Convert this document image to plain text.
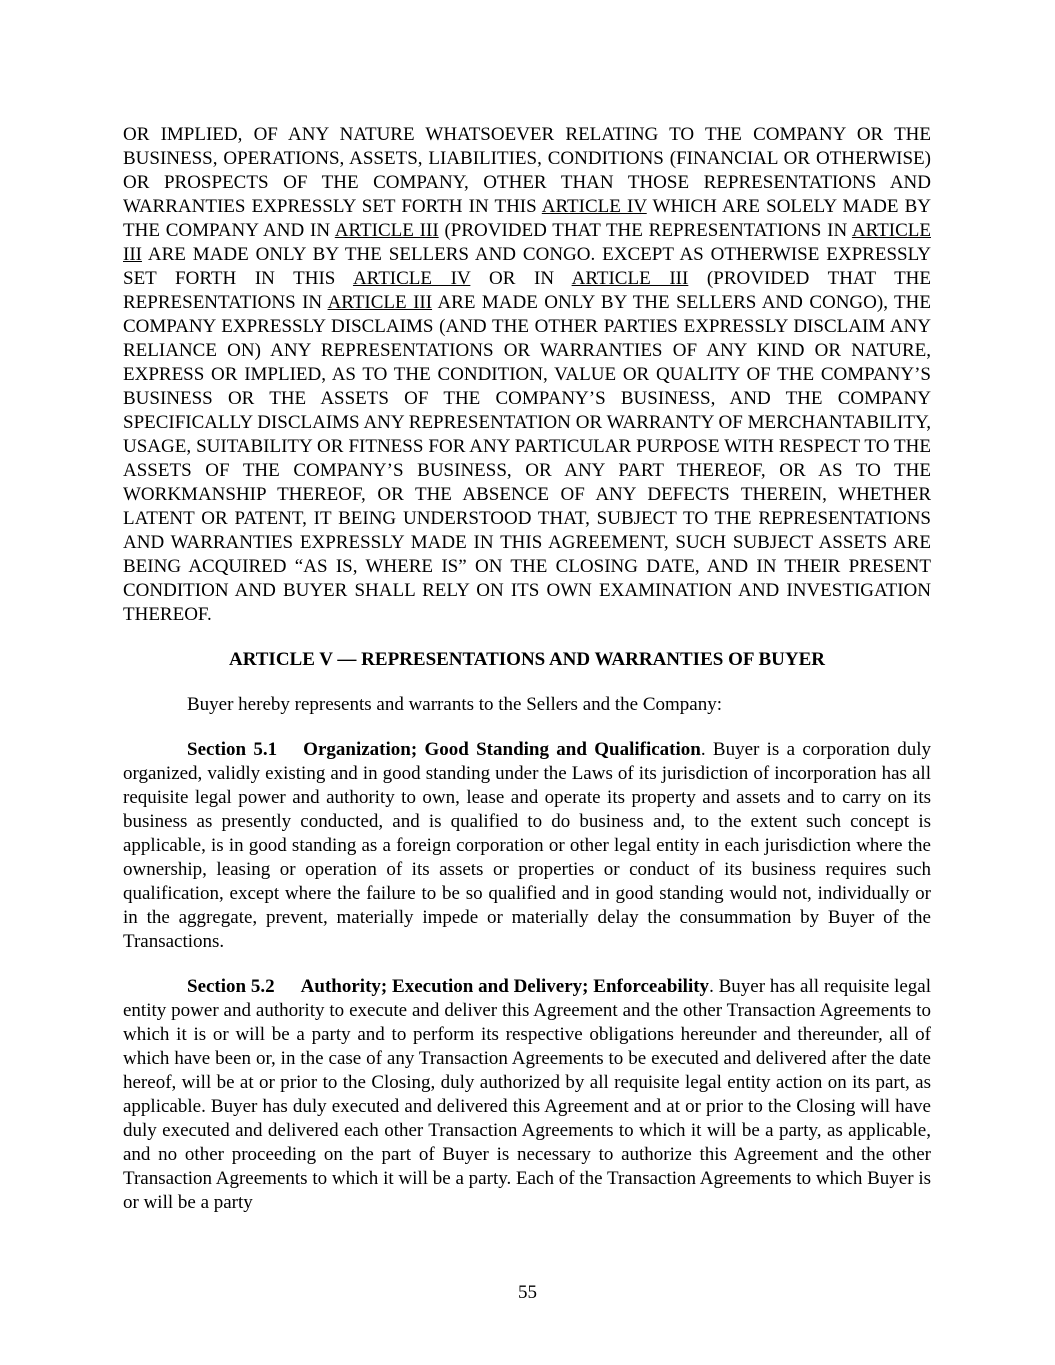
OR IMPLIED, OF ANY NATURE WHATSOEVER RELATING TO THE COMPANY OR THE BUSINESS, OPERATIONS, ASSETS, LIABILITIES, CONDITIONS (FINANCIAL OR OTHERWISE) OR PROSPECTS OF THE COMPANY, OTHER THAN THOSE REPRESENTATIONS AND WARRANTIES EXPRESSLY SET FORTH IN THIS ARTICLE IV WHICH ARE SOLELY MADE BY THE COMPANY AND IN ARTICLE III (PROVIDED THAT THE REPRESENTATIONS IN ARTICLE III ARE MADE ONLY BY THE SELLERS AND CONGO. EXCEPT AS OTHERWISE EXPRESSLY SET FORTH IN THIS ARTICLE IV OR IN ARTICLE III (PROVIDED THAT THE REPRESENTATIONS IN ARTICLE III ARE MADE ONLY BY THE SELLERS AND CONGO), THE COMPANY EXPRESSLY DISCLAIMS (AND THE OTHER PARTIES EXPRESSLY DISCLAIM ANY RELIANCE ON) ANY REPRESENTATIONS OR WARRANTIES OF ANY KIND OR NATURE, EXPRESS OR IMPLIED, AS TO THE CONDITION, VALUE OR QUALITY OF THE COMPANY’S BUSINESS OR THE ASSETS OF THE COMPANY’S BUSINESS, AND THE COMPANY SPECIFICALLY DISCLAIMS ANY REPRESENTATION OR WARRANTY OF MERCHANTABILITY, USAGE, SUITABILITY OR FITNESS FOR ANY PARTICULAR PURPOSE WITH RESPECT TO THE ASSETS OF THE COMPANY’S BUSINESS, OR ANY PART THEREOF, OR AS TO THE WORKMANSHIP THEREOF, OR THE ABSENCE OF ANY DEFECTS THEREIN, WHETHER LATENT OR PATENT, IT BEING UNDERSTOOD THAT, SUBJECT TO THE REPRESENTATIONS AND WARRANTIES EXPRESSLY MADE IN THIS AGREEMENT, SUCH SUBJECT ASSETS ARE BEING ACQUIRED “AS IS, WHERE IS” ON THE CLOSING DATE, AND IN THEIR PRESENT CONDITION AND BUYER SHALL RELY ON ITS OWN EXAMINATION AND INVESTIGATION THEREOF.

ARTICLE V — REPRESENTATIONS AND WARRANTIES OF BUYER

Buyer hereby represents and warrants to the Sellers and the Company:

Section 5.1 Organization; Good Standing and Qualification. Buyer is a corporation duly organized, validly existing and in good standing under the Laws of its jurisdiction of incorporation has all requisite legal power and authority to own, lease and operate its property and assets and to carry on its business as presently conducted, and is qualified to do business and, to the extent such concept is applicable, is in good standing as a foreign corporation or other legal entity in each jurisdiction where the ownership, leasing or operation of its assets or properties or conduct of its business requires such qualification, except where the failure to be so qualified and in good standing would not, individually or in the aggregate, prevent, materially impede or materially delay the consummation by Buyer of the Transactions.

Section 5.2 Authority; Execution and Delivery; Enforceability. Buyer has all requisite legal entity power and authority to execute and deliver this Agreement and the other Transaction Agreements to which it is or will be a party and to perform its respective obligations hereunder and thereunder, all of which have been or, in the case of any Transaction Agreements to be executed and delivered after the date hereof, will be at or prior to the Closing, duly authorized by all requisite legal entity action on its part, as applicable. Buyer has duly executed and delivered this Agreement and at or prior to the Closing will have duly executed and delivered each other Transaction Agreements to which it will be a party, as applicable, and no other proceeding on the part of Buyer is necessary to authorize this Agreement and the other Transaction Agreements to which it will be a party. Each of the Transaction Agreements to which Buyer is or will be a party

55
